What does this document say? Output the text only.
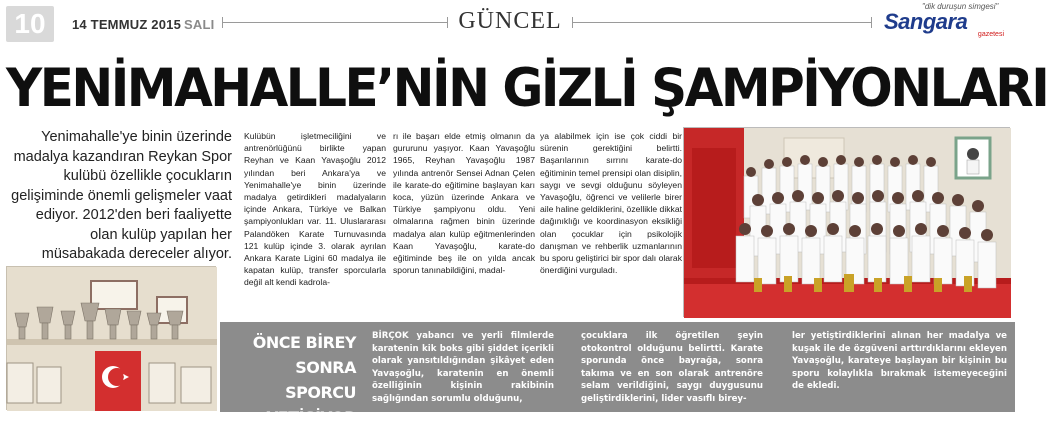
10	14 TEMMUZ 2015 SALI	GÜNCEL
"dik duruşun simgesi"
Sangara
gazetesi
YENİMAHALLE’NİN GİZLİ ŞAMPİYONLARI
Yenimahalle'ye binin üzerinde madalya kazandıran Reykan Spor kulübü özellikle çocukların gelişiminde önemli gelişmeler vaat ediyor. 2012'den beri faaliyette olan kulüp yapılan her müsabakada dereceler alıyor.
Kulübün işletmeciliğini ve antrenörlüğünü birlikte yapan Reyhan ve Kaan Yavaşoğlu 2012 yılından beri Ankara'ya ve Yenimahalle'ye binin üzerinde madalya getirdikleri madalyaların içinde Ankara, Türkiye ve Balkan şampiyonlukları var. 11. Uluslararası Palandöken Karate Turnuvasında 121 kulüp içinde 3. olarak ayrılan Ankara Karate Ligini 60 madalya ile kapatan kulüp, transfer sporcularla değil alt kendi kadrola-
rı ile başarı elde etmiş olmanın da gururunu yaşıyor. Kaan Yavaşoğlu 1965, Reyhan Yavaşoğlu 1987 yılında antrenör Sensei Adnan Çelen ile karate-do eğitimine başlayan karı koca, yüzün üzerinde Ankara ve Türkiye şampiyonu oldu. Yeni olmalarına rağmen binin üzerinde madalya alan kulüp eğitmenlerinden Kaan Yavaşoğlu, karate-do eğitiminde beş ile on yılda ancak sporun tanınabildiğini, madal-
ya alabilmek için ise çok ciddi bir sürenin gerektiğini belirtti. Başarılarının sırrını karate-do eğitiminin temel prensipi olan disiplin, saygı ve sevgi olduğunu söyleyen Yavaşoğlu, öğrenci ve velilerle birer aile haline geldiklerini, özellikle dikkat dağınıklığı ve koordinasyon eksikliği olan çocuklar için psikolojik danışman ve rehberlik uzmanlarının bu sporu geliştirici bir spor dalı olarak önerdiğini vurguladı.
ÖNCE BİREY
SONRA SPORCU
YETİŞİYOR
BİRÇOK yabancı ve yerli filmlerde karatenin kik boks gibi şiddet içerikli olarak yansıtıldığından şikâyet eden Yavaşoğlu, karatenin en önemli özelliğinin kişinin rakibinin sağlığından sorumlu olduğunu,
çocuklara ilk öğretilen şeyin otokontrol olduğunu belirtti. Karate sporunda önce bayrağa, sonra takıma ve en son olarak antrenöre selam verildiğini, saygı duygusunu geliştirdiklerini, lider vasıflı birey-
ler yetiştirdiklerini alınan her madalya ve kuşak ile de özgüveni arttırdıklarını ekleyen Yavaşoğlu, karateye başlayan bir kişinin bu sporu kolaylıkla bırakmak istemeyeceğini de ekledi.
